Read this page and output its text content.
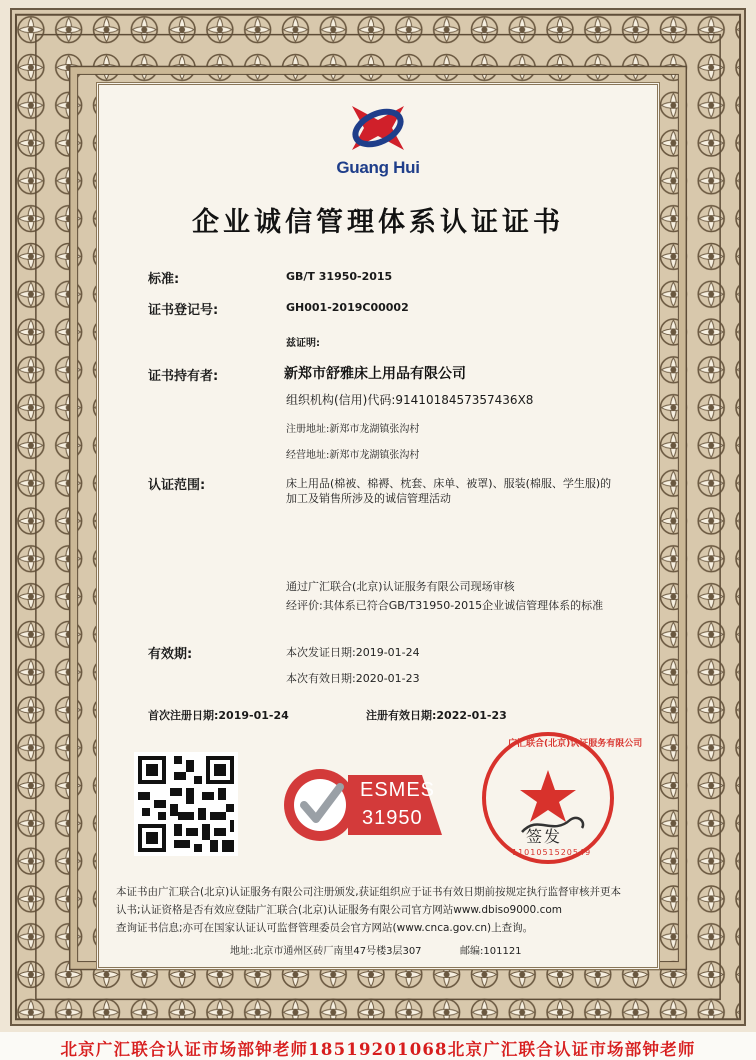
Guang Hui
企业诚信管理体系认证证书
标准:	GB/T 31950-2015
证书登记号:	GH001-2019C00002
兹证明:
证书持有者:	新郑市舒雅床上用品有限公司
组织机构(信用)代码:9141018457357436X8
注册地址:新郑市龙湖镇张沟村
经营地址:新郑市龙湖镇张沟村
认证范围:	床上用品(棉被、棉褥、枕套、床单、被罩)、服装(棉服、学生服)的
加工及销售所涉及的诚信管理活动
通过广汇联合(北京)认证服务有限公司现场审核
经评价:其体系已符合GB/T31950-2015企业诚信管理体系的标准
有效期:	本次发证日期:2019-01-24
本次有效日期:2020-01-23
首次注册日期:2019-01-24	注册有效日期:2022-01-23
ESMES
31950
广汇联合(北京)认证服务有限公司
签发
1101051520549
本证书由广汇联合(北京)认证服务有限公司注册颁发,获证组织应于证书有效日期前按规定执行监督审核并更本
认书;认证资格是否有效应登陆广汇联合(北京)认证服务有限公司官方网站www.dbiso9000.com
查询证书信息;亦可在国家认证认可监督管理委员会官方网站(www.cnca.gov.cn)上查询。
地址:北京市通州区砖厂南里47号楼3层307	邮编:101121
北京广汇联合认证市场部钟老师18519201068北京广汇联合认证市场部钟老师
